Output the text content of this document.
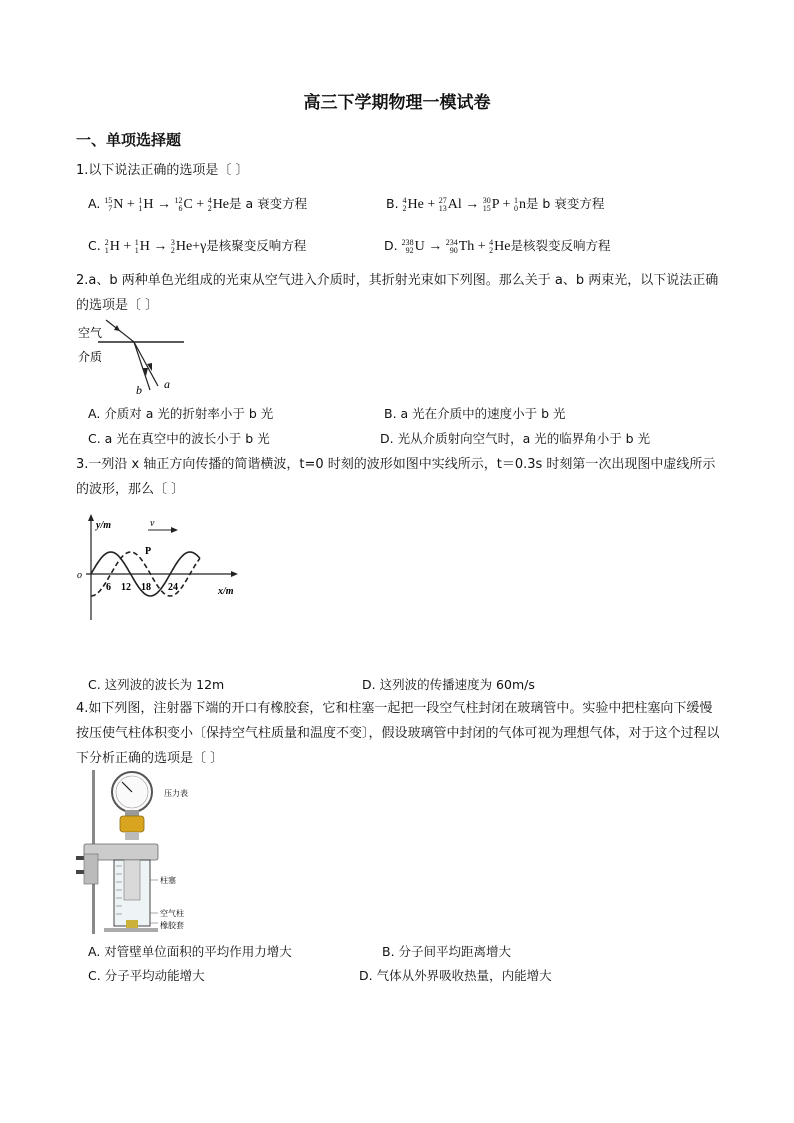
高三下学期物理一模试卷
一、单项选择题
1.以下说法正确的选项是〔 〕
A. 15
7 N + 1
1 H → 12
6 C + 4
2 He是 a 衰变方程	B. 4
2 He + 27
13 Al → 30
15 P + 1
0 n是 b 衰变方程
C. 2
1 H + 1
1 H → 3
2 He+γ是核聚变反响方程	D. 238
92 U → 234
90 Th + 4
2 He是核裂变反响方程
2.a、b 两种单色光组成的光束从空气进入介质时，其折射光束如下列图。那么关于 a、b 两束光，以下说法正确的选项是〔 〕
空气
介质
b a
A. 介质对 a 光的折射率小于 b 光	B. a 光在介质中的速度小于 b 光
C. a 光在真空中的波长小于 b 光	D. 光从介质射向空气时，a 光的临界角小于 b 光
3.一列沿 x 轴正方向传播的简谐横波，t=0 时刻的波形如图中实线所示，t＝0.3s 时刻第一次出现图中虚线所示的波形，那么〔 〕
y/m
x/m
o
v
P
6 12 18 24
C. 这列波的波长为 12m	D. 这列波的传播速度为 60m/s
4.如下列图，注射器下端的开口有橡胶套，它和柱塞一起把一段空气柱封闭在玻璃管中。实验中把柱塞向下缓慢按压使气柱体积变小〔保持空气柱质量和温度不变〕，假设玻璃管中封闭的气体可视为理想气体，对于这个过程以下分析正确的选项是〔 〕
压力表
柱塞
空气柱
橡胶套
A. 对管壁单位面积的平均作用力增大	B. 分子间平均距离增大
C. 分子平均动能增大	D. 气体从外界吸收热量，内能增大
